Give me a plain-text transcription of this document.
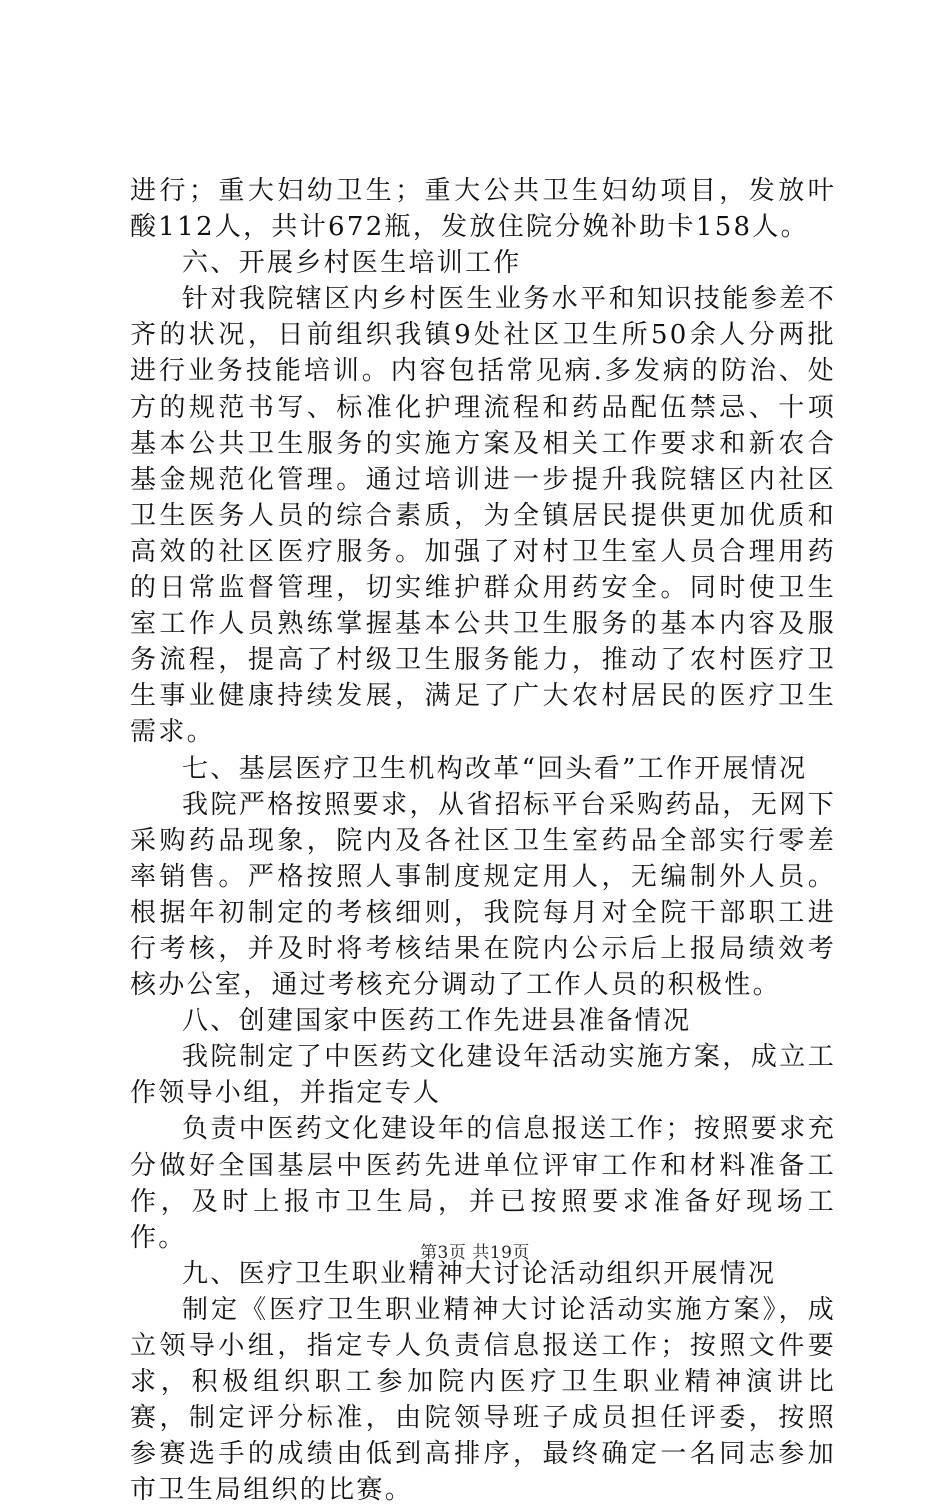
进行；重大妇幼卫生；重大公共卫生妇幼项目，发放叶酸112人，共计672瓶，发放住院分娩补助卡158人。

六、开展乡村医生培训工作

针对我院辖区内乡村医生业务水平和知识技能参差不齐的状况，日前组织我镇9处社区卫生所50余人分两批进行业务技能培训。内容包括常见病.多发病的防治、处方的规范书写、标准化护理流程和药品配伍禁忌、十项基本公共卫生服务的实施方案及相关工作要求和新农合基金规范化管理。通过培训进一步提升我院辖区内社区卫生医务人员的综合素质，为全镇居民提供更加优质和高效的社区医疗服务。加强了对村卫生室人员合理用药的日常监督管理，切实维护群众用药安全。同时使卫生室工作人员熟练掌握基本公共卫生服务的基本内容及服务流程，提高了村级卫生服务能力，推动了农村医疗卫生事业健康持续发展，满足了广大农村居民的医疗卫生需求。

七、基层医疗卫生机构改革“回头看”工作开展情况

我院严格按照要求，从省招标平台采购药品，无网下采购药品现象，院内及各社区卫生室药品全部实行零差率销售。严格按照人事制度规定用人，无编制外人员。根据年初制定的考核细则，我院每月对全院干部职工进行考核，并及时将考核结果在院内公示后上报局绩效考核办公室，通过考核充分调动了工作人员的积极性。

八、创建国家中医药工作先进县准备情况

我院制定了中医药文化建设年活动实施方案，成立工作领导小组，并指定专人

负责中医药文化建设年的信息报送工作；按照要求充分做好全国基层中医药先进单位评审工作和材料准备工作，及时上报市卫生局，并已按照要求准备好现场工作。

九、医疗卫生职业精神大讨论活动组织开展情况

制定《医疗卫生职业精神大讨论活动实施方案》，成立领导小组，指定专人负责信息报送工作；按照文件要求，积极组织职工参加院内医疗卫生职业精神演讲比赛，制定评分标准，由院领导班子成员担任评委，按照参赛选手的成绩由低到高排序，最终确定一名同志参加市卫生局组织的比赛。

第3页 共19页
